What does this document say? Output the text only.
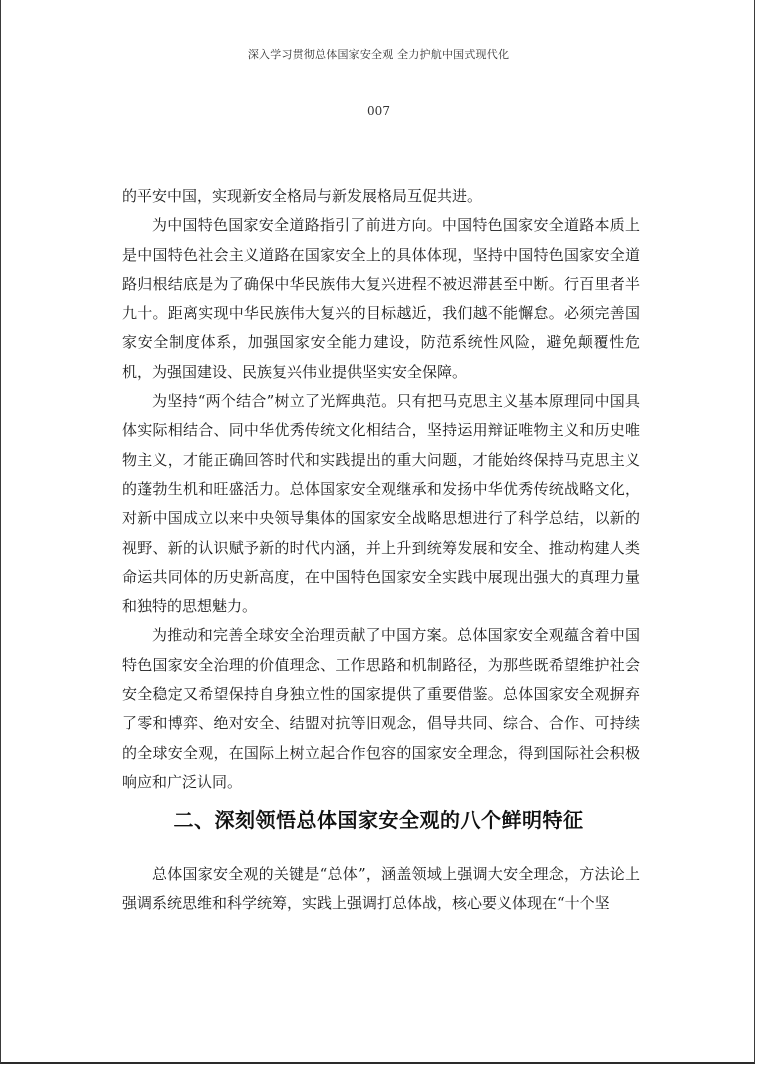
深入学习贯彻总体国家安全观 全力护航中国式现代化
007

的平安中国，实现新安全格局与新发展格局互促共进。

为中国特色国家安全道路指引了前进方向。中国特色国家安全道路本质上是中国特色社会主义道路在国家安全上的具体体现，坚持中国特色国家安全道路归根结底是为了确保中华民族伟大复兴进程不被迟滞甚至中断。行百里者半九十。距离实现中华民族伟大复兴的目标越近，我们越不能懈怠。必须完善国家安全制度体系，加强国家安全能力建设，防范系统性风险，避免颠覆性危机，为强国建设、民族复兴伟业提供坚实安全保障。

为坚持“两个结合”树立了光辉典范。只有把马克思主义基本原理同中国具体实际相结合、同中华优秀传统文化相结合，坚持运用辩证唯物主义和历史唯物主义，才能正确回答时代和实践提出的重大问题，才能始终保持马克思主义的蓬勃生机和旺盛活力。总体国家安全观继承和发扬中华优秀传统战略文化，对新中国成立以来中央领导集体的国家安全战略思想进行了科学总结，以新的视野、新的认识赋予新的时代内涵，并上升到统筹发展和安全、推动构建人类命运共同体的历史新高度，在中国特色国家安全实践中展现出强大的真理力量和独特的思想魅力。

为推动和完善全球安全治理贡献了中国方案。总体国家安全观蕴含着中国特色国家安全治理的价值理念、工作思路和机制路径，为那些既希望维护社会安全稳定又希望保持自身独立性的国家提供了重要借鉴。总体国家安全观摒弃了零和博弈、绝对安全、结盟对抗等旧观念，倡导共同、综合、合作、可持续的全球安全观，在国际上树立起合作包容的国家安全理念，得到国际社会积极响应和广泛认同。

二、深刻领悟总体国家安全观的八个鲜明特征

总体国家安全观的关键是“总体”，涵盖领域上强调大安全理念，方法论上强调系统思维和科学统筹，实践上强调打总体战，核心要义体现在“十个坚
